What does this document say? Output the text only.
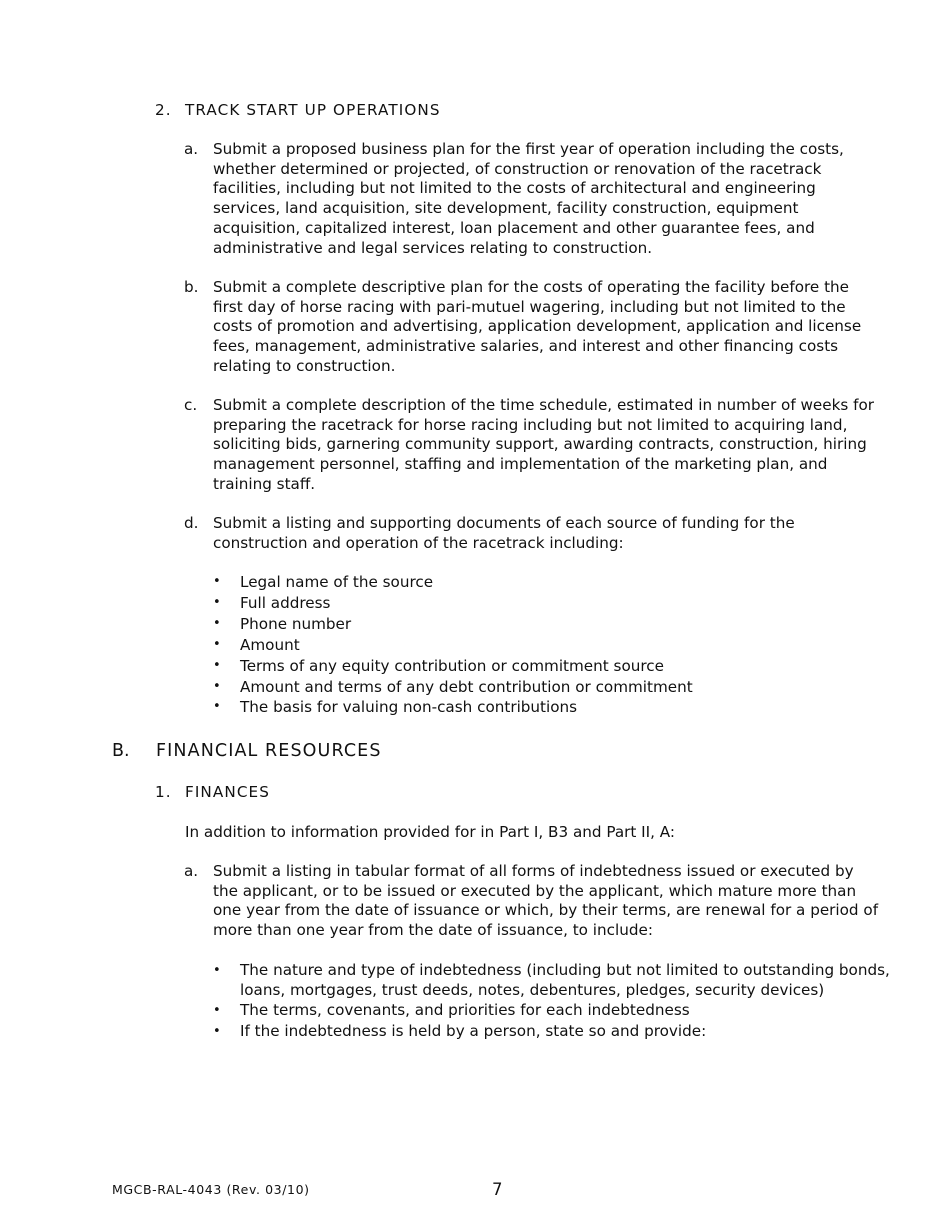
2. TRACK START UP OPERATIONS
a. Submit a proposed business plan for the first year of operation including the costs, whether determined or projected, of construction or renovation of the racetrack facilities, including but not limited to the costs of architectural and engineering services, land acquisition, site development, facility construction, equipment acquisition, capitalized interest, loan placement and other guarantee fees, and administrative and legal services relating to construction.
b. Submit a complete descriptive plan for the costs of operating the facility before the first day of horse racing with pari-mutuel wagering, including but not limited to the costs of promotion and advertising, application development, application and license fees, management, administrative salaries, and interest and other financing costs relating to construction.
c. Submit a complete description of the time schedule, estimated in number of weeks for preparing the racetrack for horse racing including but not limited to acquiring land, soliciting bids, garnering community support, awarding contracts, construction, hiring management personnel, staffing and implementation of the marketing plan, and training staff.
d. Submit a listing and supporting documents of each source of funding for the construction and operation of the racetrack including:
• Legal name of the source
• Full address
• Phone number
• Amount
• Terms of any equity contribution or commitment source
• Amount and terms of any debt contribution or commitment
• The basis for valuing non-cash contributions
B. FINANCIAL RESOURCES
1. FINANCES
In addition to information provided for in Part I, B3 and Part II, A:
a. Submit a listing in tabular format of all forms of indebtedness issued or executed by the applicant, or to be issued or executed by the applicant, which mature more than one year from the date of issuance or which, by their terms, are renewal for a period of more than one year from the date of issuance, to include:
• The nature and type of indebtedness (including but not limited to outstanding bonds, loans, mortgages, trust deeds, notes, debentures, pledges, security devices)
• The terms, covenants, and priorities for each indebtedness
• If the indebtedness is held by a person, state so and provide:
MGCB-RAL-4043 (Rev. 03/10)	7
